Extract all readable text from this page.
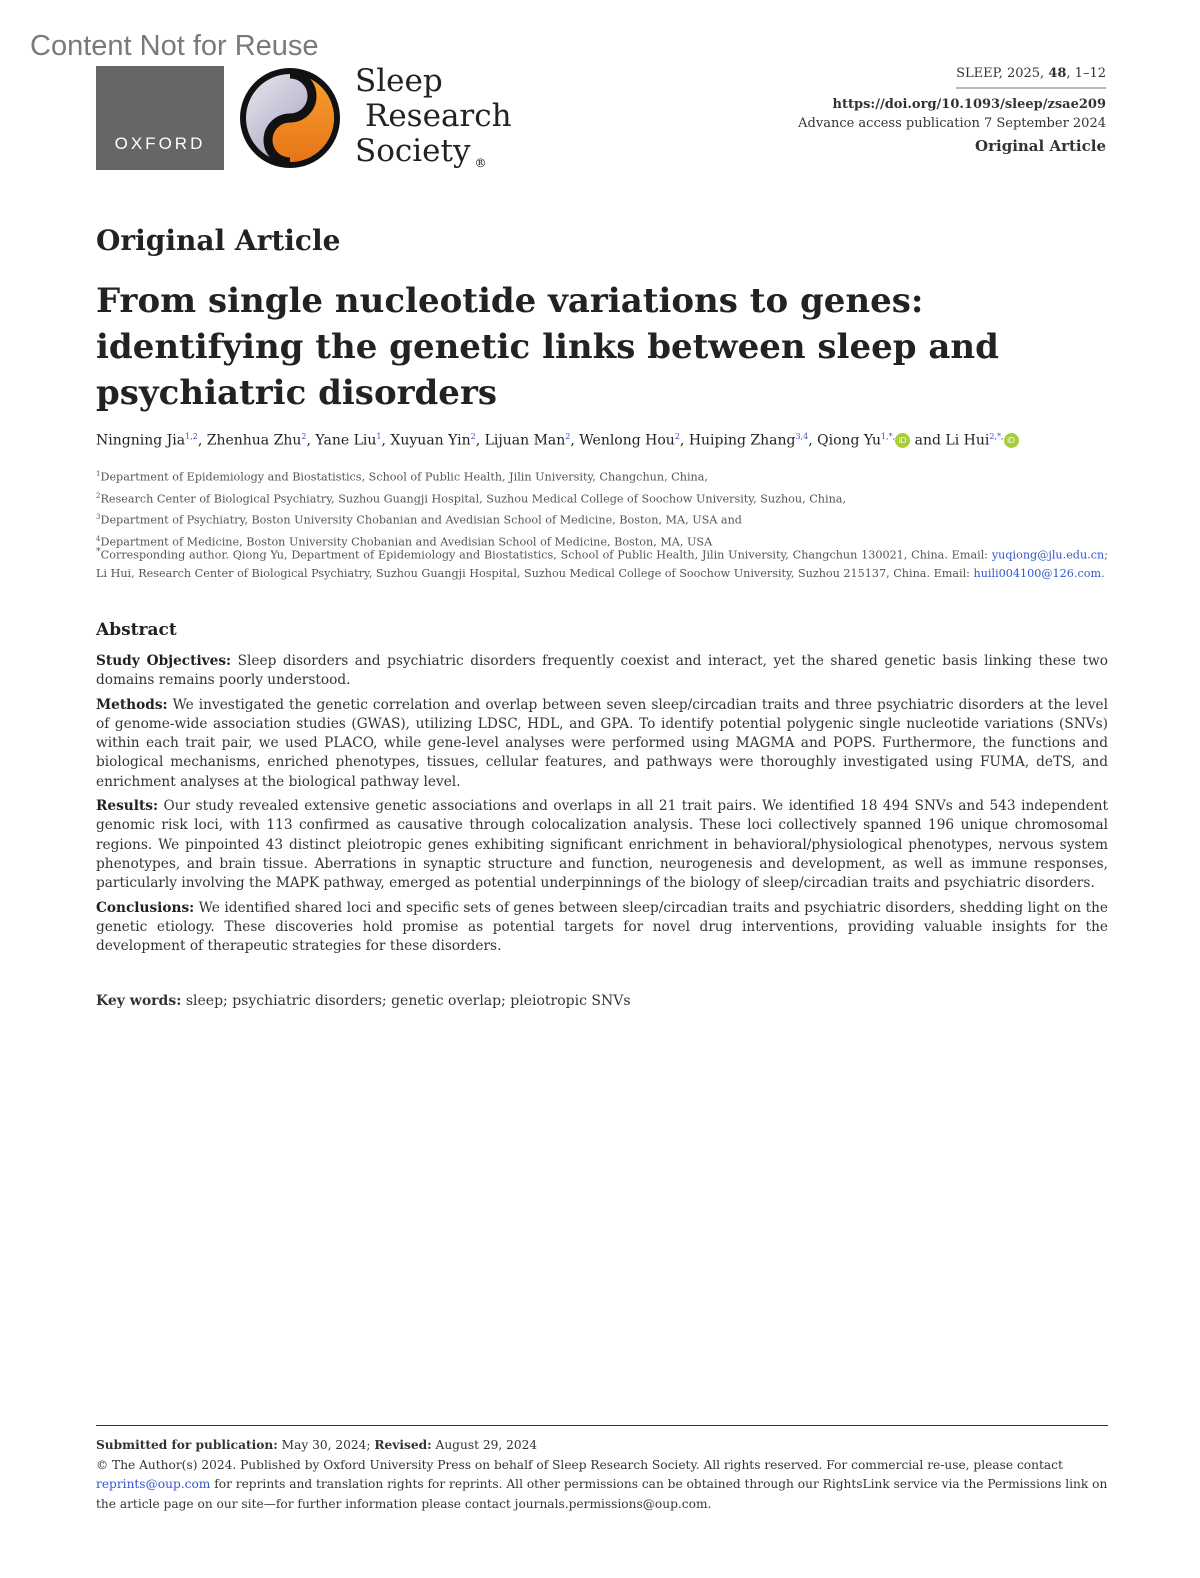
Content Not for Reuse
OXFORD
Sleep
Research
Society ®
SLEEP, 2025, 48, 1–12
https://doi.org/10.1093/sleep/zsae209
Advance access publication 7 September 2024
Original Article
Original Article
From single nucleotide variations to genes: identifying the genetic links between sleep and psychiatric disorders
Ningning Jia$^{1,2}$, Zhenhua Zhu$^2$, Yane Liu$^1$, Xuyuan Yin$^2$, Lijuan Man$^2$, Wenlong Hou$^2$, Huiping Zhang$^{3,4}$, Qiong $Yu^{1,*,}$ iD and Li Hui$^{2,*,}$ iD
$^1$Department of Epidemiology and Biostatistics, School of Public Health, Jilin University, Changchun, China,
$^2$Research Center of Biological Psychiatry, Suzhou Guangji Hospital, Suzhou Medical College of Soochow University, Suzhou, China,
$^3$Department of Psychiatry, Boston University Chobanian and Avedisian School of Medicine, Boston, MA, USA and
$^4$Department of Medicine, Boston University Chobanian and Avedisian School of Medicine, Boston, MA, USA
*Corresponding author. Qiong Yu, Department of Epidemiology and Biostatistics, School of Public Health, Jilin University, Changchun 130021, China. Email: yuqiong@jlu.edu.cn; Li Hui, Research Center of Biological Psychiatry, Suzhou Guangji Hospital, Suzhou Medical College of Soochow University, Suzhou 215137, China. Email: huili004100@126.com.
Abstract

Study Objectives: Sleep disorders and psychiatric disorders frequently coexist and interact, yet the shared genetic basis linking these two domains remains poorly understood.

Methods: We investigated the genetic correlation and overlap between seven sleep/circadian traits and three psychiatric disorders at the level of genome-wide association studies (GWAS), utilizing LDSC, HDL, and GPA. To identify potential polygenic single nucleotide variations (SNVs) within each trait pair, we used PLACO, while gene-level analyses were performed using MAGMA and POPS. Furthermore, the functions and biological mechanisms, enriched phenotypes, tissues, cellular features, and pathways were thoroughly investigated using FUMA, deTS, and enrichment analyses at the biological pathway level.

Results: Our study revealed extensive genetic associations and overlaps in all 21 trait pairs. We identified 18 494 SNVs and 543 independent genomic risk loci, with 113 confirmed as causative through colocalization analysis. These loci collectively spanned 196 unique chromosomal regions. We pinpointed 43 distinct pleiotropic genes exhibiting significant enrichment in behavioral/physiological phenotypes, nervous system phenotypes, and brain tissue. Aberrations in synaptic structure and function, neurogenesis and development, as well as immune responses, particularly involving the MAPK pathway, emerged as potential underpinnings of the biology of sleep/circadian traits and psychiatric disorders.

Conclusions: We identified shared loci and specific sets of genes between sleep/circadian traits and psychiatric disorders, shedding light on the genetic etiology. These discoveries hold promise as potential targets for novel drug interventions, providing valuable insights for the development of therapeutic strategies for these disorders.

Key words: sleep; psychiatric disorders; genetic overlap; pleiotropic SNVs
Submitted for publication: May 30, 2024; Revised: August 29, 2024
© The Author(s) 2024. Published by Oxford University Press on behalf of Sleep Research Society. All rights reserved. For commercial re-use, please contact reprints@oup.com for reprints and translation rights for reprints. All other permissions can be obtained through our RightsLink service via the Permissions link on the article page on our site—for further information please contact journals.permissions@oup.com.
